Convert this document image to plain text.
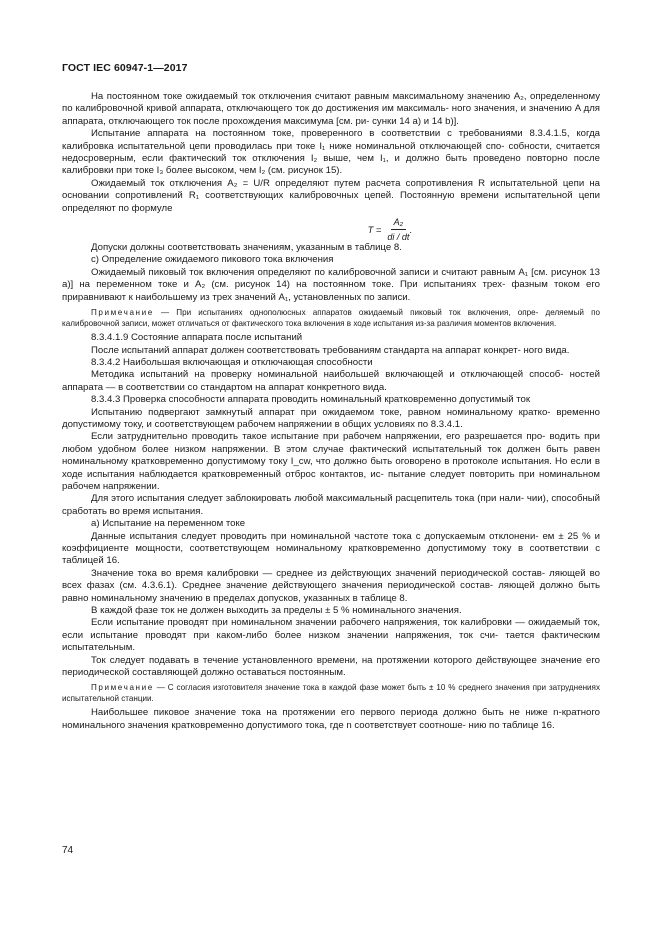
ГОСТ IEC 60947-1—2017

На постоянном токе ожидаемый ток отключения считают равным максимальному значению A₂, определенному по калибровочной кривой аппарата, отключающего ток до достижения им максималь- ного значения, и значению A для аппарата, отключающего ток после прохождения максимума [см. ри- сунки 14 а) и 14 b)].

Испытание аппарата на постоянном токе, проверенного в соответствии с требованиями 8.3.4.1.5, когда калибровка испытательной цепи проводилась при токе I₁ ниже номинальной отключающей спо- собности, считается недосроверным, если фактический ток отключения I₂ выше, чем I₁, и должно быть проведено повторно после калибровки при токе I₃ более высоком, чем I₂ (см. рисунок 15).

Ожидаемый ток отключения A₂ = U/R определяют путем расчета сопротивления R испытательной цепи на основании сопротивлений R₁ соответствующих калибровочных цепей. Постоянную времени испытательной цепи определяют по формуле

$T = \frac{\text{A₂}}{di / dt}$ .

Допуски должны соответствовать значениям, указанным в таблице 8.

c) Определение ожидаемого пикового тока включения

Ожидаемый пиковый ток включения определяют по калибровочной записи и считают равным A₁ [см. рисунок 13 а)] на переменном токе и A₂ (см. рисунок 14) на постоянном токе. При испытаниях трех- фазным током его приравнивают к наибольшему из трех значений A₁, установленных по записи.

Примечание — При испытаниях однополюсных аппаратов ожидаемый пиковый ток включения, опре- деляемый по калибровочной записи, может отличаться от фактического тока включения в ходе испытания из-за различия моментов включения.

8.3.4.1.9 Состояние аппарата после испытаний

После испытаний аппарат должен соответствовать требованиям стандарта на аппарат конкрет- ного вида.

8.3.4.2 Наибольшая включающая и отключающая способности

Методика испытаний на проверку номинальной наибольшей включающей и отключающей способ- ностей аппарата — в соответствии со стандартом на аппарат конкретного вида.

8.3.4.3 Проверка способности аппарата проводить номинальный кратковременно допустимый ток

Испытанию подвергают замкнутый аппарат при ожидаемом токе, равном номинальному кратко- временно допустимому току, и соответствующем рабочем напряжении в общих условиях по 8.3.4.1.

Если затруднительно проводить такое испытание при рабочем напряжении, его разрешается про- водить при любом удобном более низком напряжении. В этом случае фактический испытательный ток должен быть равен номинальному кратковременно допустимому току I_cw, что должно быть оговорено в протоколе испытания. Но если в ходе испытания наблюдается кратковременный отброс контактов, ис- пытание следует повторить при номинальном рабочем напряжении.

Для этого испытания следует заблокировать любой максимальный расцепитель тока (при нали- чии), способный сработать во время испытания.

а) Испытание на переменном токе

Данные испытания следует проводить при номинальной частоте тока с допускаемым отклонени- ем ± 25 % и коэффициенте мощности, соответствующем номинальному кратковременно допустимому току в соответствии с таблицей 16.

Значение тока во время калибровки — среднее из действующих значений периодической состав- ляющей во всех фазах (см. 4.3.6.1). Среднее значение действующего значения периодической состав- ляющей должно быть равно номинальному значению в пределах допусков, указанных в таблице 8.

В каждой фазе ток не должен выходить за пределы ± 5 % номинального значения.

Если испытание проводят при номинальном значении рабочего напряжения, ток калибровки — ожидаемый ток, если испытание проводят при каком-либо более низком значении напряжения, ток счи- тается фактическим испытательным.

Ток следует подавать в течение установленного времени, на протяжении которого действующее значение его периодической составляющей должно оставаться постоянным.

Примечание — С согласия изготовителя значение тока в каждой фазе может быть ± 10 % среднего значения при затруднениях испытательной станции.

Наибольшее пиковое значение тока на протяжении его первого периода должно быть не ниже n-кратного номинального значения кратковременно допустимого тока, где n соответствует соотноше- нию по таблице 16.

74
